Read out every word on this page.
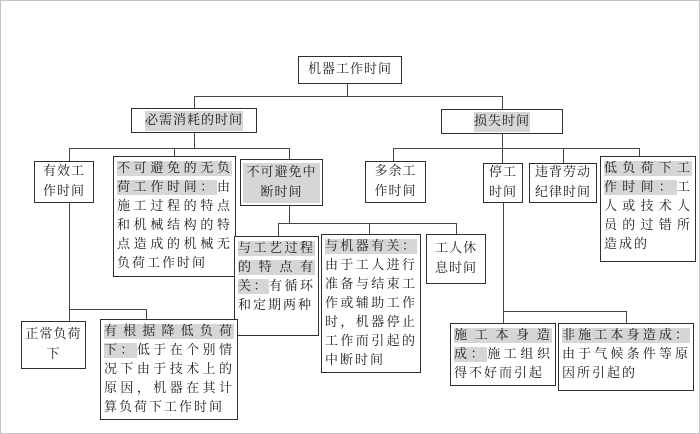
机器工作时间
必需消耗的时间	损失时间
有效工作时间
不可避免的无负荷工作时间：由施工过程的特点和机械结构的特点造成的机械无负荷工作时间
不可避免中断时间
多余工作时间
停工时间
违背劳动纪律时间
低负荷下工作时间：工人或技术人员的过错所造成的
与工艺过程的特点有关：有循环和定期两种
与机器有关：由于工人进行准备与结束工作或辅助工作时，机器停止工作而引起的中断时间
工人休息时间
正常负荷下
有根据降低负荷下：低于在个别情况下由于技术上的原因，机器在其计算负荷下工作时间
施工本身造成：施工组织得不好而引起
非施工本身造成：由于气候条件等原因所引起的
